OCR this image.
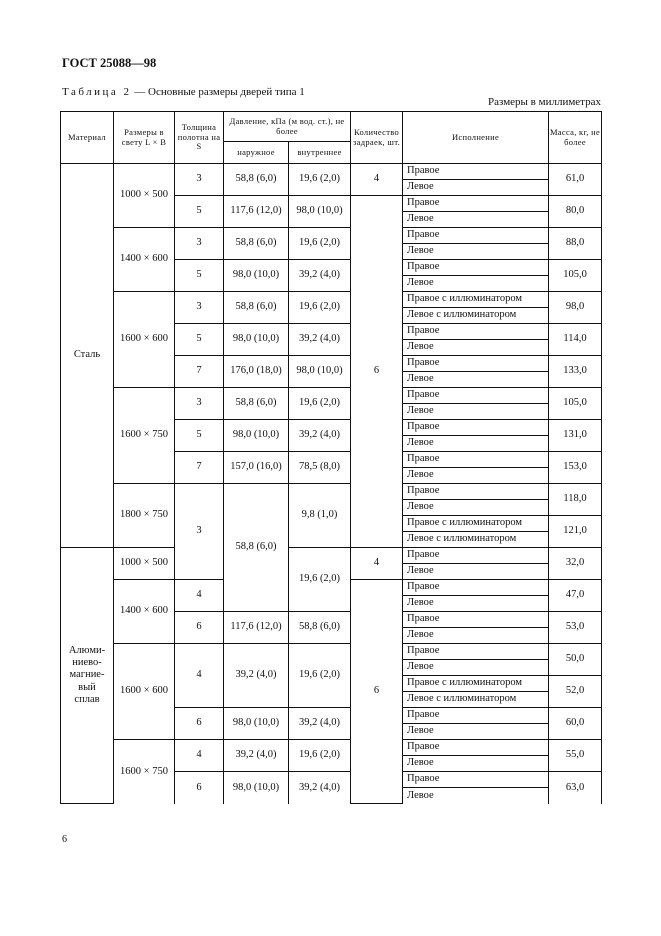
ГОСТ 25088—98
Таблица 2 — Основные размеры дверей типа 1
Размеры в миллиметрах
Материал	Размеры в свету L × B	Толщина полотна на S	Давление, кПа (м вод. ст.), не более		Количество задраек, шт.	Исполнение	Масса, кг, не более
			наружное	внутреннее			
Сталь	1000 × 500	3	58,8 (6,0)	19,6 (2,0)	4	Правое	61,0
						Левое	
		5	117,6 (12,0)	98,0 (10,0)	6	Правое	80,0
						Левое	
	1400 × 600	3	58,8 (6,0)	19,6 (2,0)		Правое	88,0
						Левое	
		5	98,0 (10,0)	39,2 (4,0)		Правое	105,0
						Левое	
	1600 × 600	3	58,8 (6,0)	19,6 (2,0)		Правое с иллюминатором	98,0
						Левое с иллюминатором	
		5	98,0 (10,0)	39,2 (4,0)		Правое	114,0
						Левое	
		7	176,0 (18,0)	98,0 (10,0)		Правое	133,0
						Левое	
	1600 × 750	3	58,8 (6,0)	19,6 (2,0)		Правое	105,0
						Левое	
		5	98,0 (10,0)	39,2 (4,0)		Правое	131,0
						Левое	
		7	157,0 (16,0)	78,5 (8,0)		Правое	153,0
						Левое	
	1800 × 750	3	58,8 (6,0)	9,8 (1,0)		Правое	118,0
						Левое	
						Правое с иллюминатором	121,0
						Левое с иллюминатором	
Алюми-
ниево-
магние-
вый
сплав	1000 × 500			19,6 (2,0)	4	Правое	32,0
						Левое	
	1400 × 600	4			6	Правое	47,0
						Левое	
		6	117,6 (12,0)	58,8 (6,0)		Правое	53,0
						Левое	
	1600 × 600	4	39,2 (4,0)	19,6 (2,0)		Правое	50,0
						Левое	
						Правое с иллюминатором	52,0
						Левое с иллюминатором	
		6	98,0 (10,0)	39,2 (4,0)		Правое	60,0
						Левое	
	1600 × 750	4	39,2 (4,0)	19,6 (2,0)		Правое	55,0
						Левое	
		6	98,0 (10,0)	39,2 (4,0)		Правое	63,0
						Левое	
6
